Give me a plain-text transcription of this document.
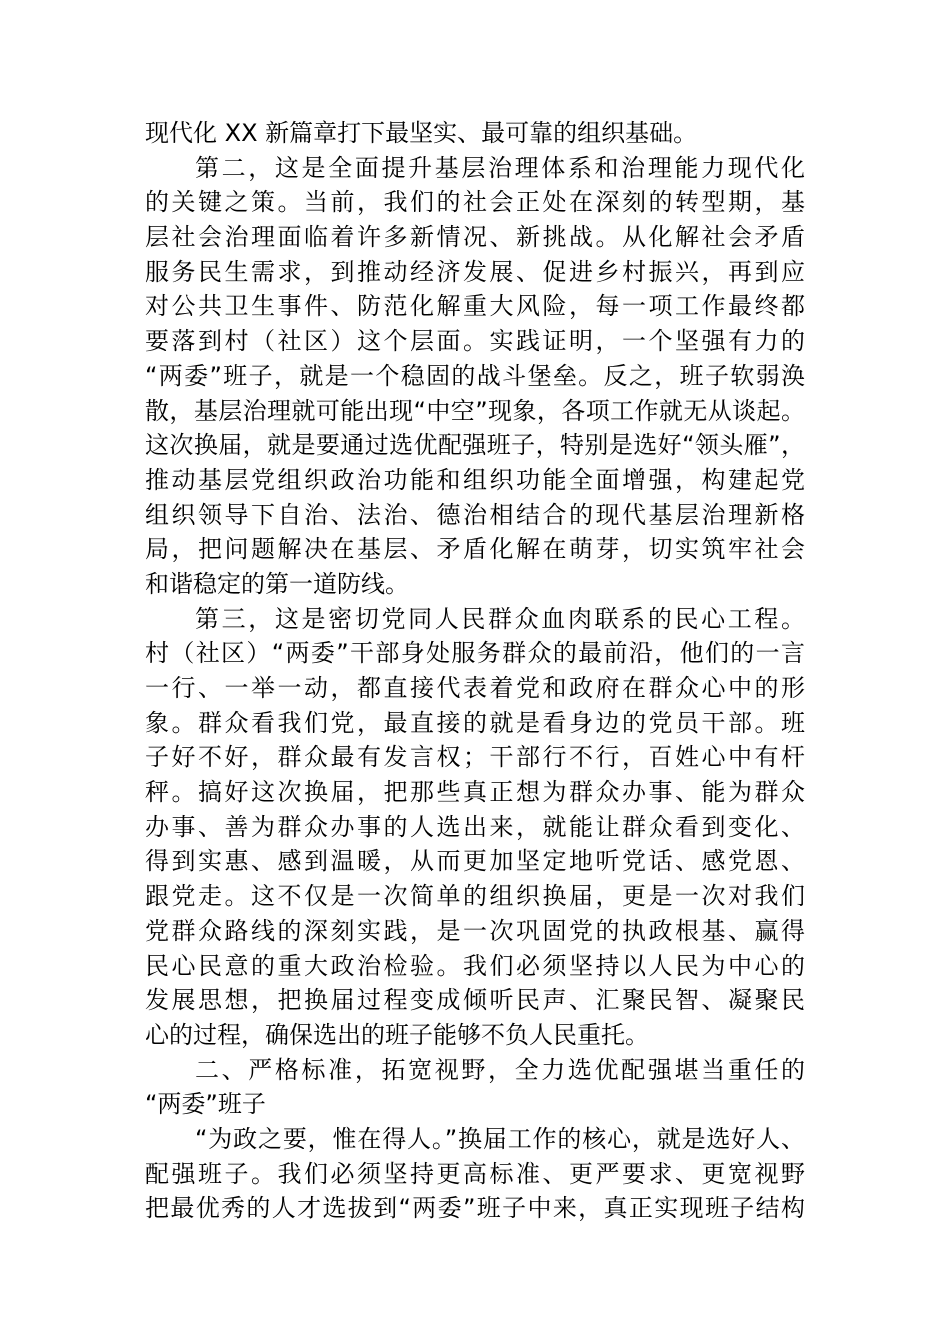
现代化 XX 新篇章打下最坚实、最可靠的组织基础。
第二，这是全面提升基层治理体系和治理能力现代化
的关键之策。当前，我们的社会正处在深刻的转型期，基
层社会治理面临着许多新情况、新挑战。从化解社会矛盾
服务民生需求，到推动经济发展、促进乡村振兴，再到应
对公共卫生事件、防范化解重大风险，每一项工作最终都
要落到村（社区）这个层面。实践证明，一个坚强有力的
“两委”班子，就是一个稳固的战斗堡垒。反之，班子软弱涣
散，基层治理就可能出现“中空”现象，各项工作就无从谈起。
这次换届，就是要通过选优配强班子，特别是选好“领头雁”，
推动基层党组织政治功能和组织功能全面增强，构建起党
组织领导下自治、法治、德治相结合的现代基层治理新格
局，把问题解决在基层、矛盾化解在萌芽，切实筑牢社会
和谐稳定的第一道防线。
第三，这是密切党同人民群众血肉联系的民心工程。
村（社区）“两委”干部身处服务群众的最前沿，他们的一言
一行、一举一动，都直接代表着党和政府在群众心中的形
象。群众看我们党，最直接的就是看身边的党员干部。班
子好不好，群众最有发言权；干部行不行，百姓心中有杆
秤。搞好这次换届，把那些真正想为群众办事、能为群众
办事、善为群众办事的人选出来，就能让群众看到变化、
得到实惠、感到温暖，从而更加坚定地听党话、感党恩、
跟党走。这不仅是一次简单的组织换届，更是一次对我们
党群众路线的深刻实践，是一次巩固党的执政根基、赢得
民心民意的重大政治检验。我们必须坚持以人民为中心的
发展思想，把换届过程变成倾听民声、汇聚民智、凝聚民
心的过程，确保选出的班子能够不负人民重托。
二、严格标准，拓宽视野，全力选优配强堪当重任的
“两委”班子
“为政之要，惟在得人。”换届工作的核心，就是选好人、
配强班子。我们必须坚持更高标准、更严要求、更宽视野
把最优秀的人才选拔到“两委”班子中来，真正实现班子结构
